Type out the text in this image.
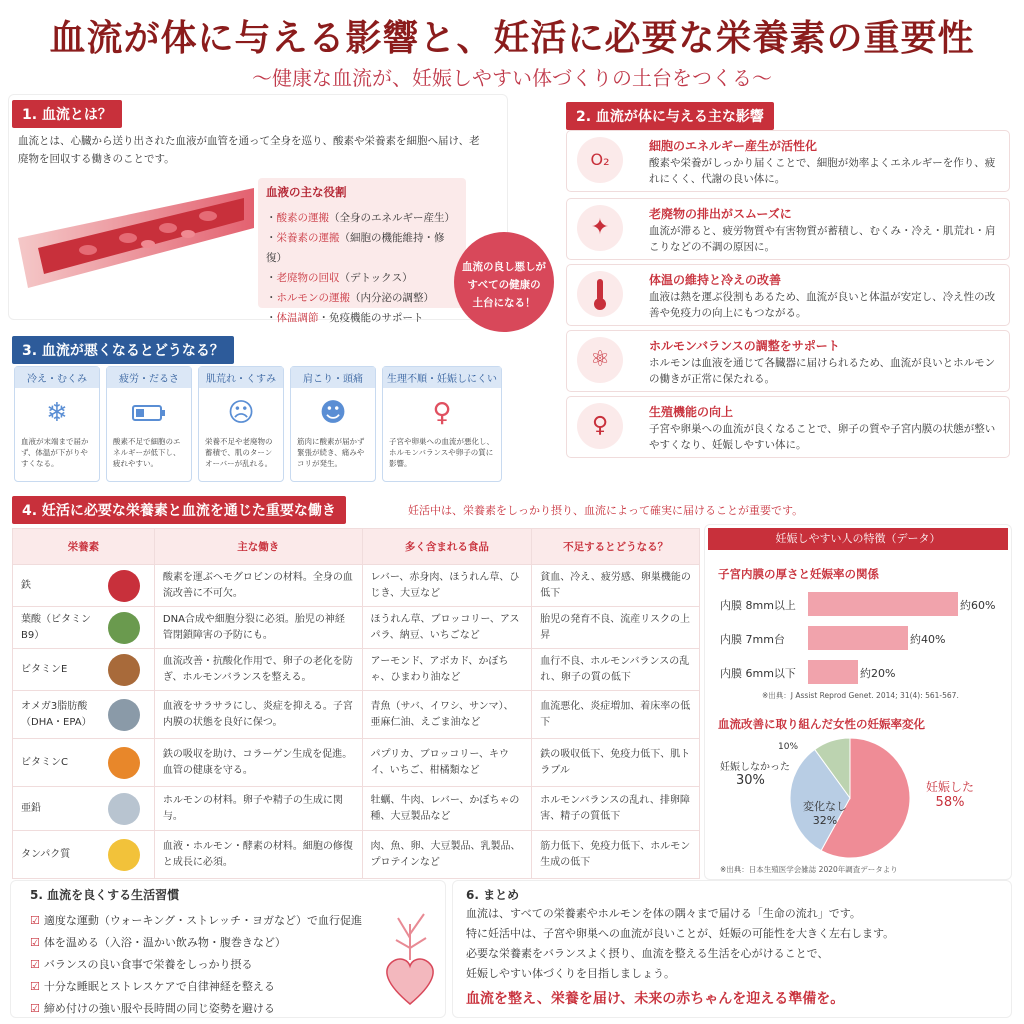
血流が体に与える影響と、妊活に必要な栄養素の重要性
〜健康な血流が、妊娠しやすい体づくりの土台をつくる〜
1. 血流とは？
血流とは、心臓から送り出された血液が血管を通って全身を巡り、酸素や栄養素を細胞へ届け、老廃物を回収する働きのことです。
血液の主な役割
・酸素の運搬（全身のエネルギー産生）
・栄養素の運搬（細胞の機能維持・修復）
・老廃物の回収（デトックス）
・ホルモンの運搬（内分泌の調整）
・体温調節・免疫機能のサポート
血流の良し悪しが
すべての健康の
土台になる！
2. 血流が体に与える主な影響
O₂
細胞のエネルギー産生が活性化
酸素や栄養がしっかり届くことで、細胞が効率よくエネルギーを作り、疲れにくく、代謝の良い体に。
✦
老廃物の排出がスムーズに
血流が滞ると、疲労物質や有害物質が蓄積し、むくみ・冷え・肌荒れ・肩こりなどの不調の原因に。
体温の維持と冷えの改善
血液は熱を運ぶ役割もあるため、血流が良いと体温が安定し、冷え性の改善や免疫力の向上にもつながる。
⚛
ホルモンバランスの調整をサポート
ホルモンは血液を通じて各臓器に届けられるため、血流が良いとホルモンの働きが正常に保たれる。
♀
生殖機能の向上
子宮や卵巣への血流が良くなることで、卵子の質や子宮内膜の状態が整いやすくなり、妊娠しやすい体に。
3. 血流が悪くなるとどうなる？
冷え・むくみ
❄
血液が末端まで届かず、体温が下がりやすくなる。
疲労・だるさ
酸素不足で細胞のエネルギーが低下し、疲れやすい。
肌荒れ・くすみ
☹
栄養不足や老廃物の蓄積で、肌のターンオーバーが乱れる。
肩こり・頭痛
☻
筋肉に酸素が届かず緊張が続き、痛みやコリが発生。
生理不順・妊娠しにくい
♀
子宮や卵巣への血流が悪化し、ホルモンバランスや卵子の質に影響。
4. 妊活に必要な栄養素と血流を通じた重要な働き	妊活中は、栄養素をしっかり摂り、血流によって確実に届けることが重要です。
栄養素	主な働き	多く含まれる食品	不足するとどうなる？
鉄	酸素を運ぶヘモグロビンの材料。全身の血流改善に不可欠。	レバー、赤身肉、ほうれん草、ひじき、大豆など	貧血、冷え、疲労感、卵巣機能の低下
葉酸（ビタミンB9）	DNA合成や細胞分裂に必須。胎児の神経管閉鎖障害の予防にも。	ほうれん草、ブロッコリー、アスパラ、納豆、いちごなど	胎児の発育不良、流産リスクの上昇
ビタミンE	血流改善・抗酸化作用で、卵子の老化を防ぎ、ホルモンバランスを整える。	アーモンド、アボカド、かぼちゃ、ひまわり油など	血行不良、ホルモンバランスの乱れ、卵子の質の低下
オメガ3脂肪酸（DHA・EPA）	血液をサラサラにし、炎症を抑える。子宮内膜の状態を良好に保つ。	青魚（サバ、イワシ、サンマ）、亜麻仁油、えごま油など	血流悪化、炎症増加、着床率の低下
ビタミンC	鉄の吸収を助け、コラーゲン生成を促進。血管の健康を守る。	パプリカ、ブロッコリー、キウイ、いちご、柑橘類など	鉄の吸収低下、免疫力低下、肌トラブル
亜鉛	ホルモンの材料。卵子や精子の生成に関与。	牡蠣、牛肉、レバー、かぼちゃの種、大豆製品など	ホルモンバランスの乱れ、排卵障害、精子の質低下
タンパク質	血液・ホルモン・酵素の材料。細胞の修復と成長に必須。	肉、魚、卵、大豆製品、乳製品、プロテインなど	筋力低下、免疫力低下、ホルモン生成の低下
妊娠しやすい人の特徴（データ）
子宮内膜の厚さと妊娠率の関係
内膜 8mm以上	約60%
内膜 7mm台	約40%
内膜 6mm以下	約20%
※出典：J Assist Reprod Genet. 2014; 31(4): 561-567.
血流改善に取り組んだ女性の妊娠率変化
妊娠しなかった
30%
変化なし
32%
妊娠した
58%
10%
※出典：日本生殖医学会雑誌 2020年調査データより
5. 血流を良くする生活習慣
☑ 適度な運動（ウォーキング・ストレッチ・ヨガなど）で血行促進
☑ 体を温める（入浴・温かい飲み物・腹巻きなど）
☑ バランスの良い食事で栄養をしっかり摂る
☑ 十分な睡眠とストレスケアで自律神経を整える
☑ 締め付けの強い服や長時間の同じ姿勢を避ける
6. まとめ
血流は、すべての栄養素やホルモンを体の隅々まで届ける「生命の流れ」です。
特に妊活中は、子宮や卵巣への血流が良いことが、妊娠の可能性を大きく左右します。
必要な栄養素をバランスよく摂り、血流を整える生活を心がけることで、
妊娠しやすい体づくりを目指しましょう。
血流を整え、栄養を届け、未来の赤ちゃんを迎える準備を。
